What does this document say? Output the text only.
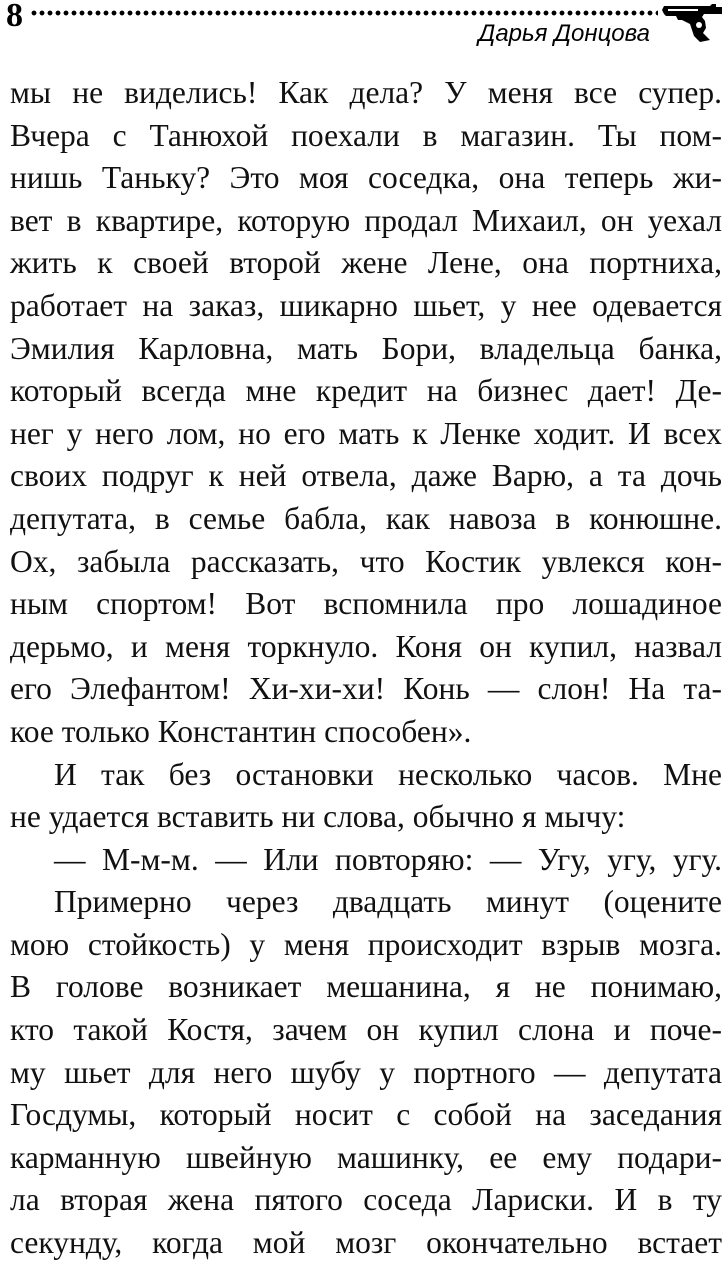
8	Дарья Донцова
мы не виделись! Как дела? У меня все супер.
Вчера с Танюхой поехали в магазин. Ты пом-
нишь Таньку? Это моя соседка, она теперь жи-
вет в квартире, которую продал Михаил, он уехал
жить к своей второй жене Лене, она портниха,
работает на заказ, шикарно шьет, у нее одевается
Эмилия Карловна, мать Бори, владельца банка,
который всегда мне кредит на бизнес дает! Де-
нег у него лом, но его мать к Ленке ходит. И всех
своих подруг к ней отвела, даже Варю, а та дочь
депутата, в семье бабла, как навоза в конюшне.
Ох, забыла рассказать, что Костик увлекся кон-
ным спортом! Вот вспомнила про лошадиное
дерьмо, и меня торкнуло. Коня он купил, назвал
его Элефантом! Хи-хи-хи! Конь — слон! На та-
кое только Константин способен».
И так без остановки несколько часов. Мне
не удается вставить ни слова, обычно я мычу:
— М-м-м. — Или повторяю: — Угу, угу, угу.
Примерно через двадцать минут (оцените
мою стойкость) у меня происходит взрыв мозга.
В голове возникает мешанина, я не понимаю,
кто такой Костя, зачем он купил слона и поче-
му шьет для него шубу у портного — депутата
Госдумы, который носит с собой на заседания
карманную швейную машинку, ее ему подари-
ла вторая жена пятого соседа Лариски. И в ту
секунду, когда мой мозг окончательно встает
